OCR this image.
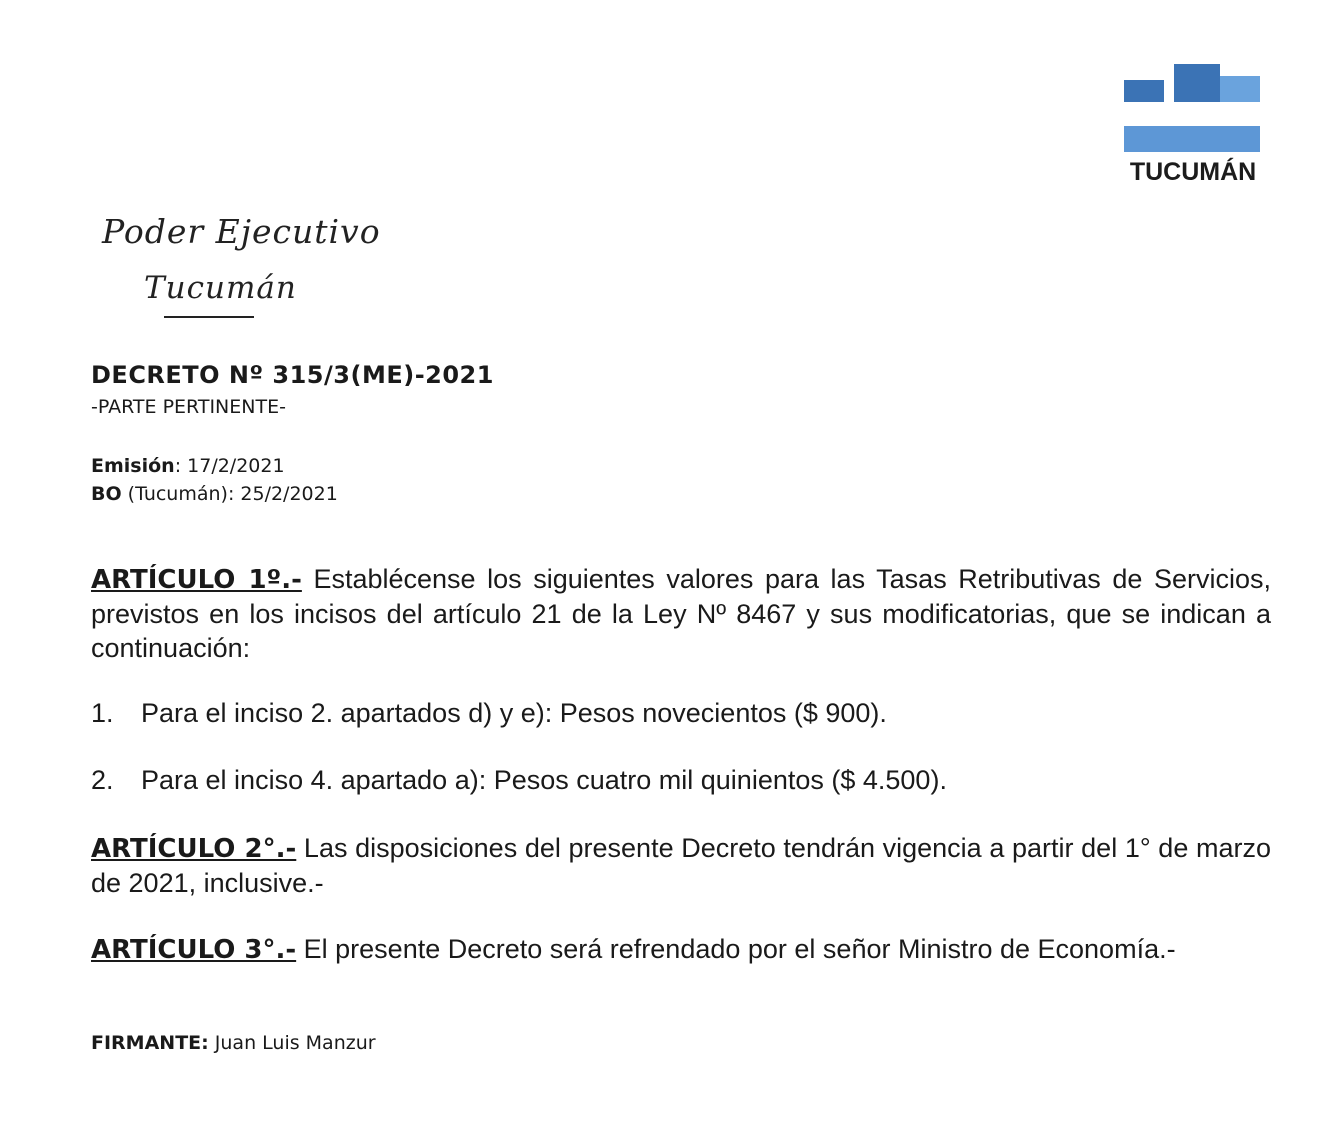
TUCUMÁN
Poder Ejecutivo
Tucumán
DECRETO Nº 315/3(ME)-2021
-PARTE PERTINENTE-
Emisión: 17/2/2021
BO (Tucumán): 25/2/2021
ARTÍCULO 1º.- Establécense los siguientes valores para las Tasas Retributivas de Servicios, previstos en los incisos del artículo 21 de la Ley Nº 8467 y sus modificatorias, que se indican a continuación:
1. Para el inciso 2. apartados d) y e): Pesos novecientos ($ 900).
2. Para el inciso 4. apartado a): Pesos cuatro mil quinientos ($ 4.500).
ARTÍCULO 2°.- Las disposiciones del presente Decreto tendrán vigencia a partir del 1° de marzo de 2021, inclusive.-
ARTÍCULO 3°.- El presente Decreto será refrendado por el señor Ministro de Economía.-
FIRMANTE: Juan Luis Manzur
